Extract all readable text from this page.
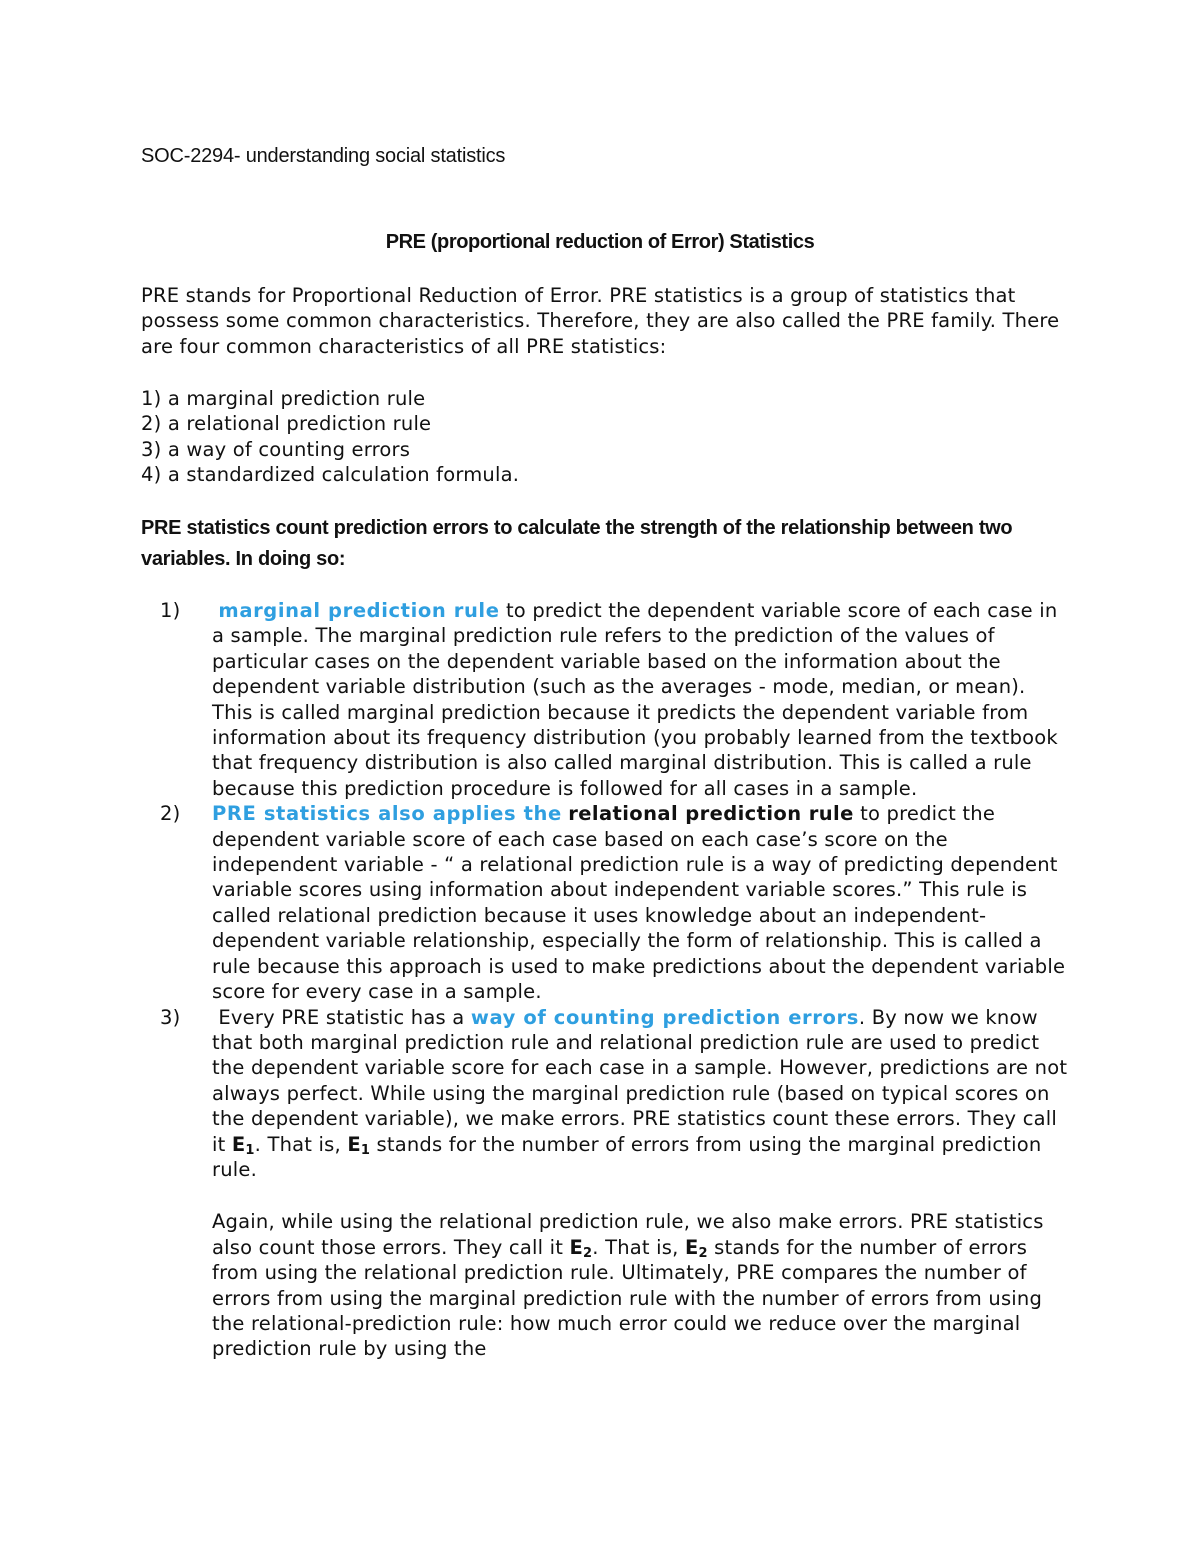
SOC-2294- understanding social statistics
PRE (proportional reduction of Error) Statistics

PRE stands for Proportional Reduction of Error. PRE statistics is a group of statistics that possess some common characteristics. Therefore, they are also called the PRE family. There are four common characteristics of all PRE statistics:

1) a marginal prediction rule
2) a relational prediction rule
3) a way of counting errors
4) a standardized calculation formula.

PRE statistics count prediction errors to calculate the strength of the relationship between two variables. In doing so:

1) marginal prediction rule to predict the dependent variable score of each case in a sample. The marginal prediction rule refers to the prediction of the values of particular cases on the dependent variable based on the information about the dependent variable distribution (such as the averages - mode, median, or mean). This is called marginal prediction because it predicts the dependent variable from information about its frequency distribution (you probably learned from the textbook that frequency distribution is also called marginal distribution. This is called a rule because this prediction procedure is followed for all cases in a sample.
2) PRE statistics also applies the relational prediction rule to predict the dependent variable score of each case based on each case’s score on the independent variable - “ a relational prediction rule is a way of predicting dependent variable scores using information about independent variable scores.” This rule is called relational prediction because it uses knowledge about an independent-dependent variable relationship, especially the form of relationship. This is called a rule because this approach is used to make predictions about the dependent variable score for every case in a sample.
3) Every PRE statistic has a way of counting prediction errors. By now we know that both marginal prediction rule and relational prediction rule are used to predict the dependent variable score for each case in a sample. However, predictions are not always perfect. While using the marginal prediction rule (based on typical scores on the dependent variable), we make errors. PRE statistics count these errors. They call it $E_1$. That is, $E_1$ stands for the number of errors from using the marginal prediction rule.
Again, while using the relational prediction rule, we also make errors. PRE statistics also count those errors. They call it $E_2$. That is, $E_2$ stands for the number of errors from using the relational prediction rule. Ultimately, PRE compares the number of errors from using the marginal prediction rule with the number of errors from using the relational-prediction rule: how much error could we reduce over the marginal prediction rule by using the
